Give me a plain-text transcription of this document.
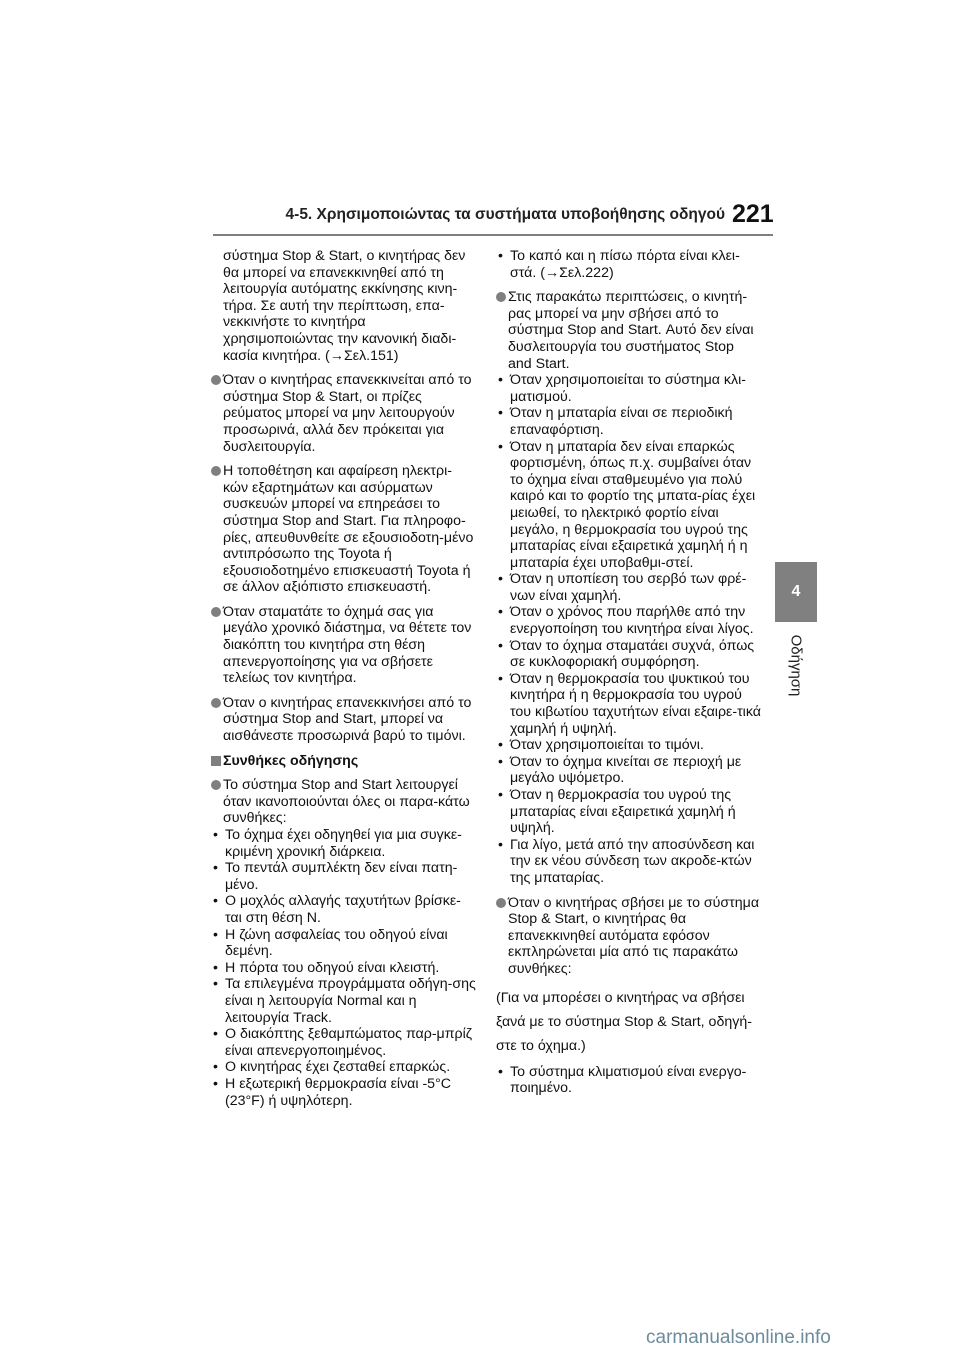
4-5. Χρησιμοποιώντας τα συστήματα υποβοήθησης οδηγού 221
4
Οδήγηση

σύστημα Stop & Start, ο κινητήρας δεν θα μπορεί να επανεκκινηθεί από τη λειτουργία αυτόματης εκκίνησης κινη-τήρα. Σε αυτή την περίπτωση, επα-νεκκινήστε το κινητήρα χρησιμοποιώντας την κανονική διαδι-κασία κινητήρα. (→Σελ.151)

Όταν ο κινητήρας επανεκκινείται από το σύστημα Stop & Start, οι πρίζες ρεύματος μπορεί να μην λειτουργούν προσωρινά, αλλά δεν πρόκειται για δυσλειτουργία.

Η τοποθέτηση και αφαίρεση ηλεκτρι-κών εξαρτημάτων και ασύρματων συσκευών μπορεί να επηρεάσει το σύστημα Stop and Start. Για πληροφο-ρίες, απευθυνθείτε σε εξουσιοδοτη-μένο αντιπρόσωπο της Toyota ή εξουσιοδοτημένο επισκευαστή Toyota ή σε άλλον αξιόπιστο επισκευαστή.

Όταν σταματάτε το όχημά σας για μεγάλο χρονικό διάστημα, να θέτετε τον διακόπτη του κινητήρα στη θέση απενεργοποίησης για να σβήσετε τελείως τον κινητήρα.

Όταν ο κινητήρας επανεκκινήσει από το σύστημα Stop and Start, μπορεί να αισθάνεστε προσωρινά βαρύ το τιμόνι.

Συνθήκες οδήγησης

Το σύστημα Stop and Start λειτουργεί όταν ικανοποιούνται όλες οι παρα-κάτω συνθήκες:

• Το όχημα έχει οδηγηθεί για μια συγκε-κριμένη χρονική διάρκεια.
• Το πεντάλ συμπλέκτη δεν είναι πατη-μένο.
• Ο μοχλός αλλαγής ταχυτήτων βρίσκε-ται στη θέση N.
• Η ζώνη ασφαλείας του οδηγού είναι δεμένη.
• Η πόρτα του οδηγού είναι κλειστή.
• Τα επιλεγμένα προγράμματα οδήγη-σης είναι η λειτουργία Normal και η λειτουργία Track.
• Ο διακόπτης ξεθαμπώματος παρ-μπρίζ είναι απενεργοποιημένος.
• Ο κινητήρας έχει ζεσταθεί επαρκώς.
• Η εξωτερική θερμοκρασία είναι -5°C (23°F) ή υψηλότερη.
• Το καπό και η πίσω πόρτα είναι κλει-στά. (→Σελ.222)

Στις παρακάτω περιπτώσεις, ο κινητή-ρας μπορεί να μην σβήσει από το σύστημα Stop and Start. Αυτό δεν είναι δυσλειτουργία του συστήματος Stop and Start.

• Όταν χρησιμοποιείται το σύστημα κλι-ματισμού.
• Όταν η μπαταρία είναι σε περιοδική επαναφόρτιση.
• Όταν η μπαταρία δεν είναι επαρκώς φορτισμένη, όπως π.χ. συμβαίνει όταν το όχημα είναι σταθμευμένο για πολύ καιρό και το φορτίο της μπατα-ρίας έχει μειωθεί, το ηλεκτρικό φορτίο είναι μεγάλο, η θερμοκρασία του υγρού της μπαταρίας είναι εξαιρετικά χαμηλή ή η μπαταρία έχει υποβαθμι-στεί.
• Όταν η υποπίεση του σερβό των φρέ-νων είναι χαμηλή.
• Όταν ο χρόνος που παρήλθε από την ενεργοποίηση του κινητήρα είναι λίγος.
• Όταν το όχημα σταματάει συχνά, όπως σε κυκλοφοριακή συμφόρηση.
• Όταν η θερμοκρασία του ψυκτικού του κινητήρα ή η θερμοκρασία του υγρού του κιβωτίου ταχυτήτων είναι εξαιρε-τικά χαμηλή ή υψηλή.
• Όταν χρησιμοποιείται το τιμόνι.
• Όταν το όχημα κινείται σε περιοχή με μεγάλο υψόμετρο.
• Όταν η θερμοκρασία του υγρού της μπαταρίας είναι εξαιρετικά χαμηλή ή υψηλή.
• Για λίγο, μετά από την αποσύνδεση και την εκ νέου σύνδεση των ακροδε-κτών της μπαταρίας.

Όταν ο κινητήρας σβήσει με το σύστημα Stop & Start, ο κινητήρας θα επανεκκινηθεί αυτόματα εφόσον εκπληρώνεται μία από τις παρακάτω συνθήκες:

(Για να μπορέσει ο κινητήρας να σβήσει ξανά με το σύστημα Stop & Start, οδηγή-στε το όχημα.)

• Το σύστημα κλιματισμού είναι ενεργο-ποιημένο.
carmanualsonline.info
